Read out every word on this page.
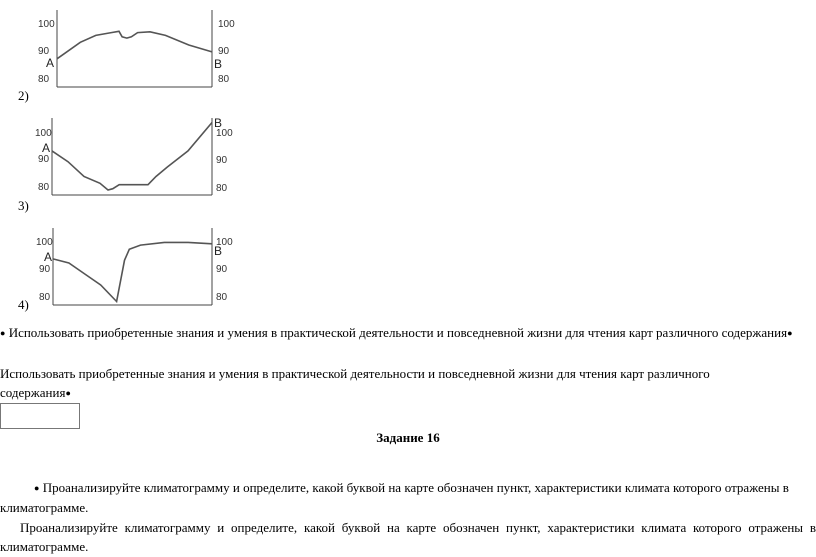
100
90
80
100
90
80
A	B
2)
100
90
80
100
90
80
A
B
3)
100
90
80
100
90
80
A	B
4)
● Использовать приобретенные знания и умения в практической деятельности и повседневной жизни для чтения карт различного содержания●
Использовать приобретенные знания и умения в практической деятельности и повседневной жизни для чтения карт различного
содержания●
Задание 16
● Проанализируйте климатограмму и определите, какой буквой на карте обозначен пункт, характеристики климата которого отражены в климатограмме.
Проанализируйте климатограмму и определите, какой буквой на карте обозначен пункт, характеристики климата которого отражены в климатограмме.
